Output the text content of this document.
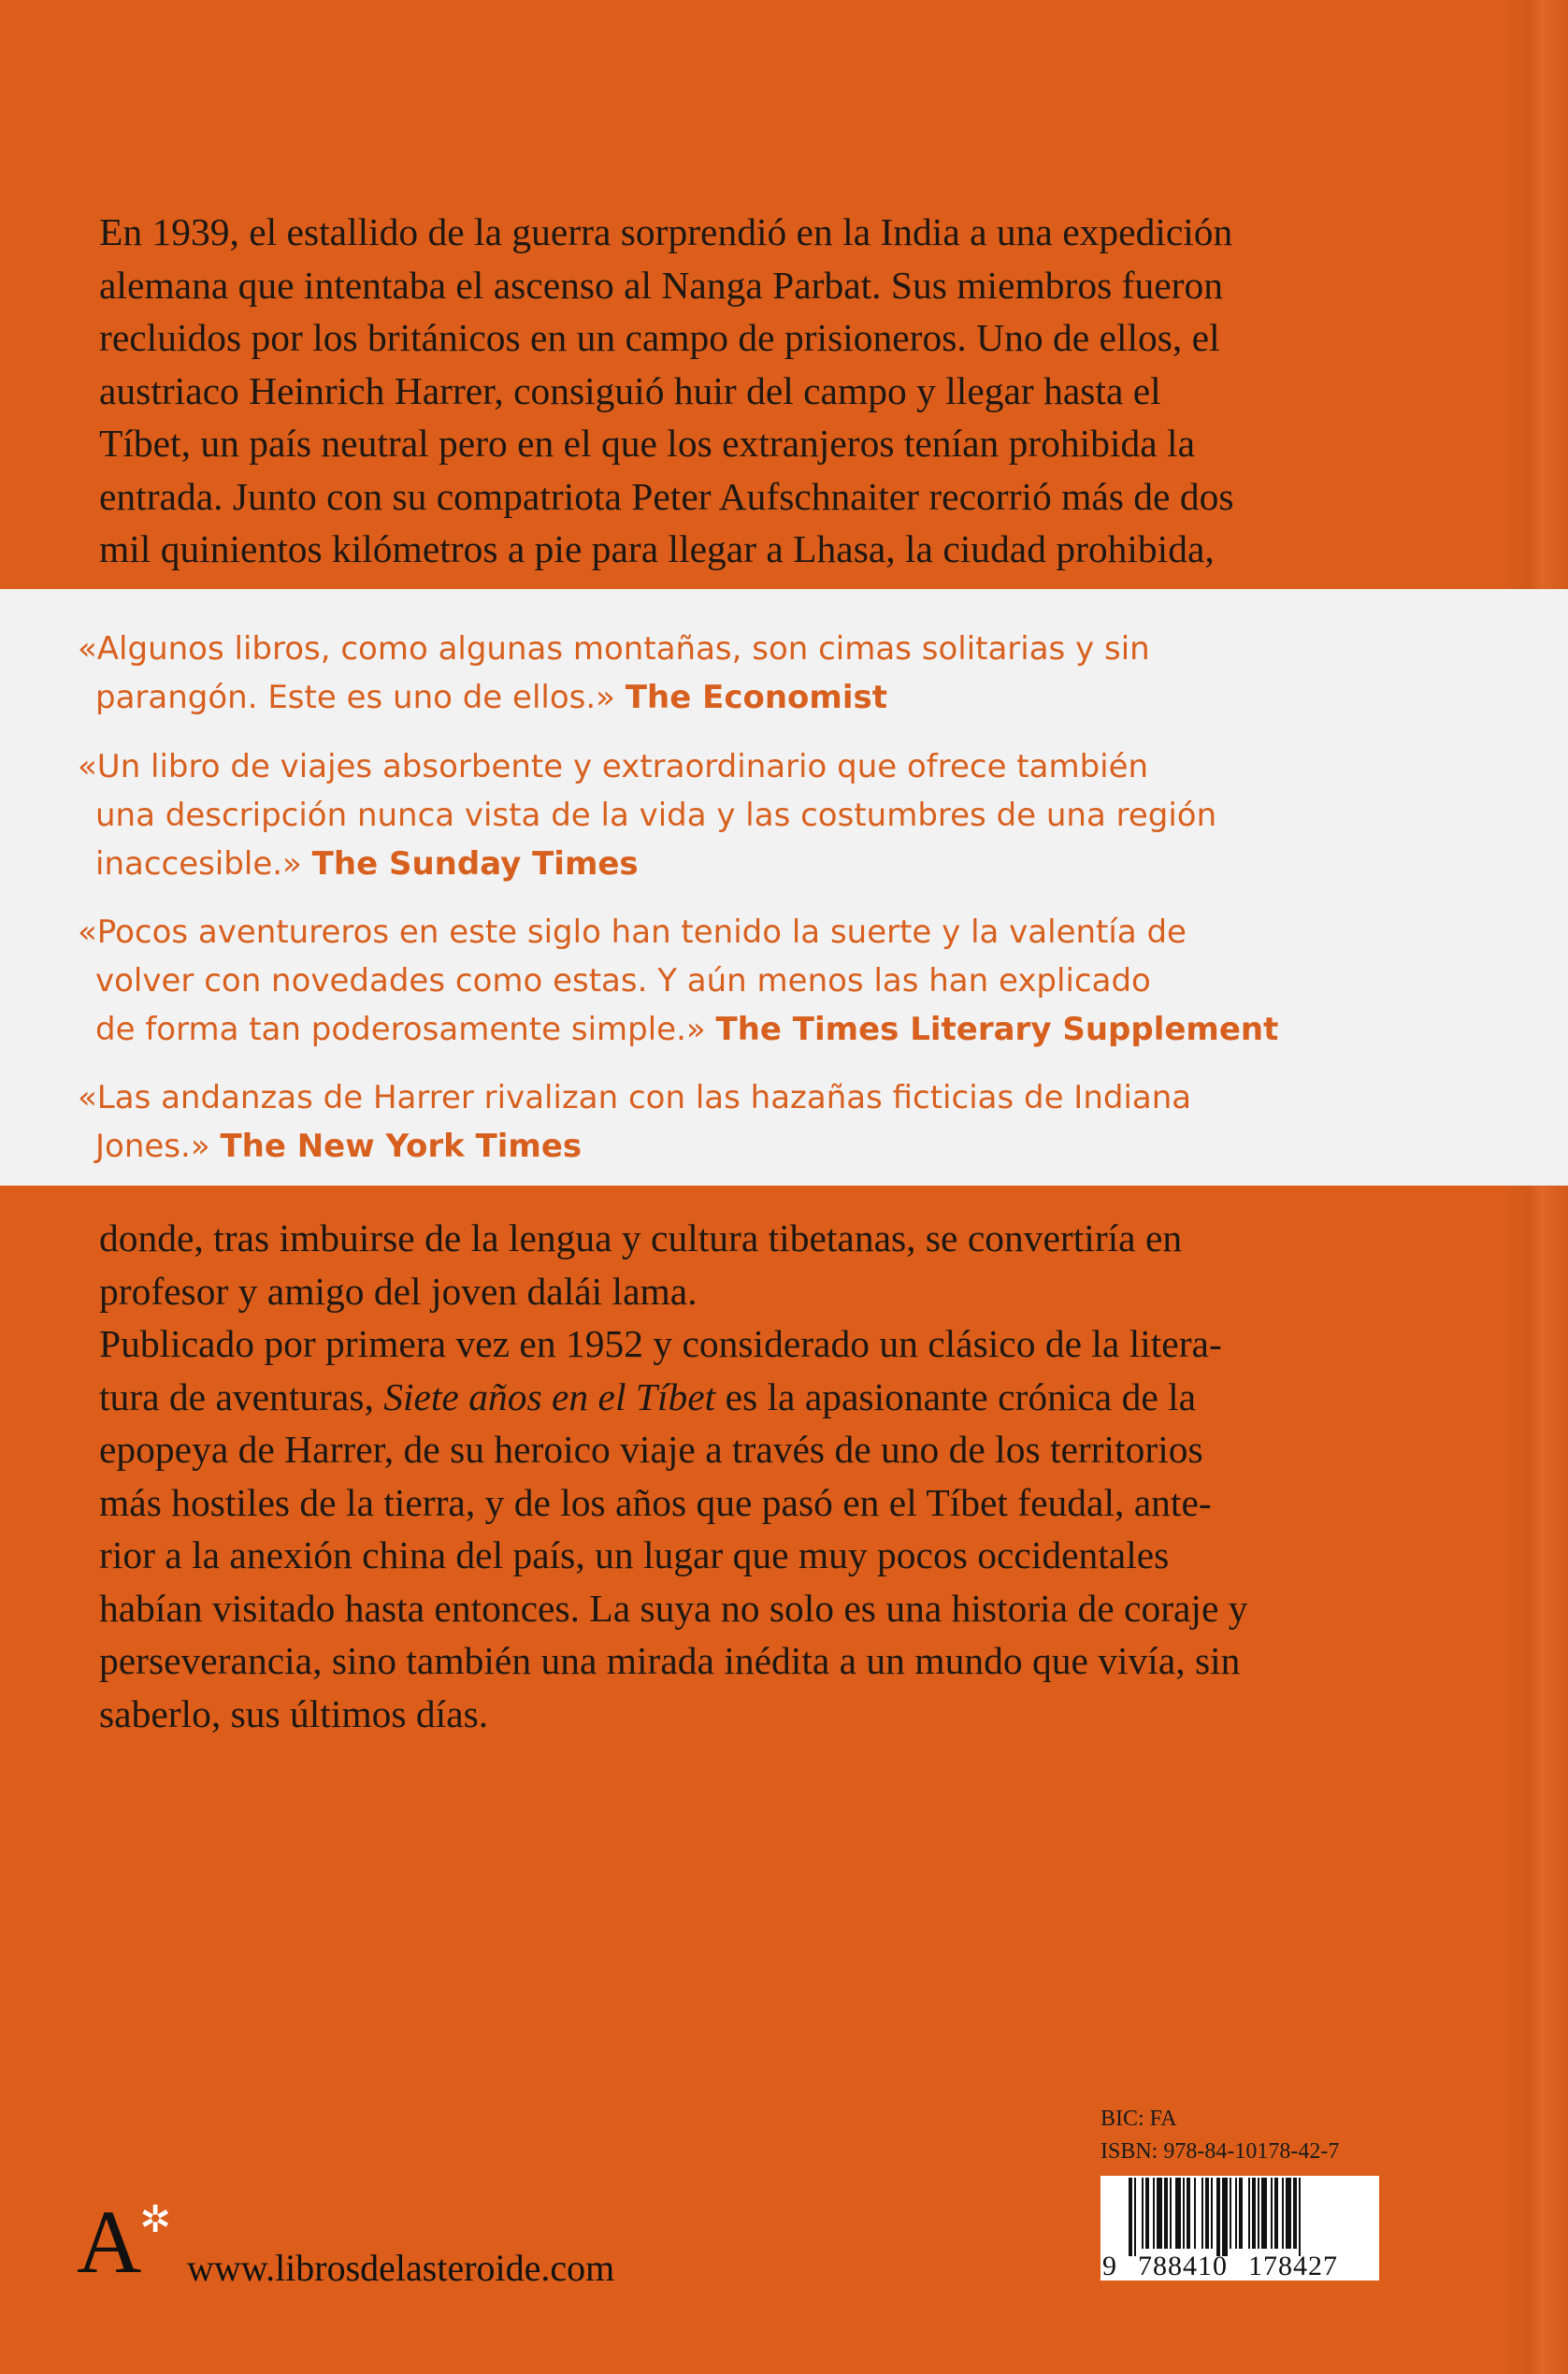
En 1939, el estallido de la guerra sorprendió en la India a una expedición
alemana que intentaba el ascenso al Nanga Parbat. Sus miembros fueron
recluidos por los británicos en un campo de prisioneros. Uno de ellos, el
austriaco Heinrich Harrer, consiguió huir del campo y llegar hasta el
Tíbet, un país neutral pero en el que los extranjeros tenían prohibida la
entrada. Junto con su compatriota Peter Aufschnaiter recorrió más de dos
mil quinientos kilómetros a pie para llegar a Lhasa, la ciudad prohibida,

«Algunos libros, como algunas montañas, son cimas solitarias y sin
parangón. Este es uno de ellos.» The Economist

«Un libro de viajes absorbente y extraordinario que ofrece también
una descripción nunca vista de la vida y las costumbres de una región
inaccesible.» The Sunday Times

«Pocos aventureros en este siglo han tenido la suerte y la valentía de
volver con novedades como estas. Y aún menos las han explicado
de forma tan poderosamente simple.» The Times Literary Supplement

«Las andanzas de Harrer rivalizan con las hazañas ficticias de Indiana
Jones.» The New York Times

donde, tras imbuirse de la lengua y cultura tibetanas, se convertiría en
profesor y amigo del joven dalái lama.
Publicado por primera vez en 1952 y considerado un clásico de la litera-
tura de aventuras, Siete años en el Tíbet es la apasionante crónica de la
epopeya de Harrer, de su heroico viaje a través de uno de los territorios
más hostiles de la tierra, y de los años que pasó en el Tíbet feudal, ante-
rior a la anexión china del país, un lugar que muy pocos occidentales
habían visitado hasta entonces. La suya no solo es una historia de coraje y
perseverancia, sino también una mirada inédita a un mundo que vivía, sin
saberlo, sus últimos días.

A
✲
www.librosdelasteroide.com
BIC: FA
ISBN: 978-84-10178-42-7
9 788410 178427
